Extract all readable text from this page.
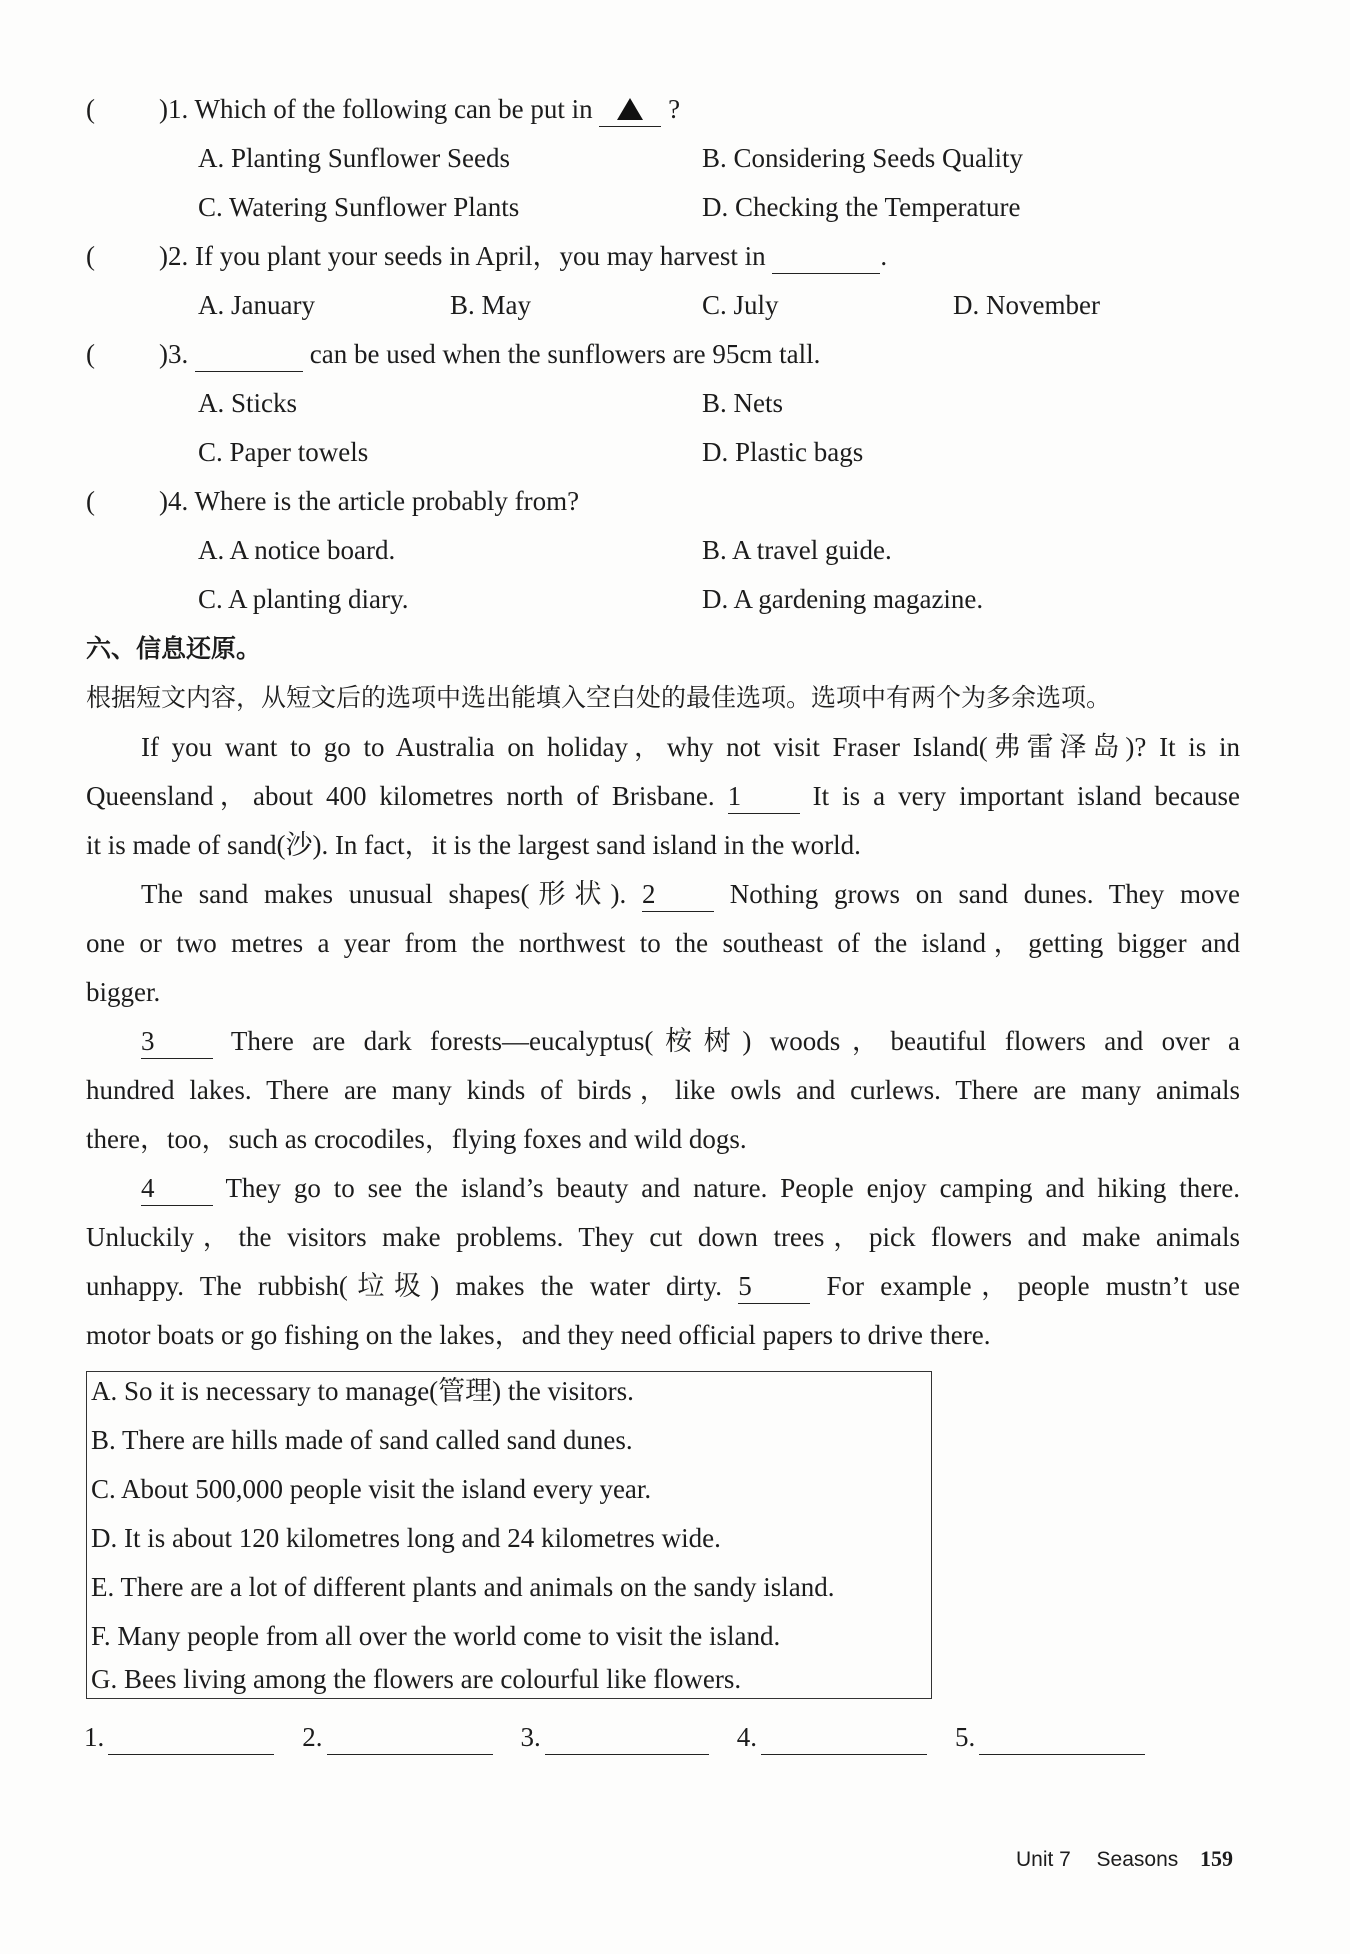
( )1. Which of the following can be put in	?
A. Planting Sunflower Seeds	B. Considering Seeds Quality
C. Watering Sunflower Plants	D. Checking the Temperature
( )2. If you plant your seeds in April，you may harvest in	.
A. January	B. May	C. July	D. November
( )3.	can be used when the sunflowers are 95cm tall.
A. Sticks	B. Nets
C. Paper towels	D. Plastic bags
( )4. Where is the article probably from?
A. A notice board.	B. A travel guide.
C. A planting diary.	D. A gardening magazine.
六、信息还原。
根据短文内容，从短文后的选项中选出能填入空白处的最佳选项。选项中有两个为多余选项。
If you want to go to Australia on holiday，why not visit Fraser Island(弗雷泽岛)? It is in
Queensland，about 400 kilometres north of Brisbane. 1	It is a very important island because
it is made of sand(沙). In fact，it is the largest sand island in the world.
The sand makes unusual shapes(形状). 2	Nothing grows on sand dunes. They move
one or two metres a year from the northwest to the southeast of the island，getting bigger and
bigger.
3	There are dark forests—eucalyptus(桉树) woods，beautiful flowers and over a
hundred lakes. There are many kinds of birds，like owls and curlews. There are many animals
there，too，such as crocodiles，flying foxes and wild dogs.
4	They go to see the island’s beauty and nature. People enjoy camping and hiking there.
Unluckily，the visitors make problems. They cut down trees，pick flowers and make animals
unhappy. The rubbish(垃圾) makes the water dirty. 5	For example，people mustn’t use
motor boats or go fishing on the lakes，and they need official papers to drive there.
A. So it is necessary to manage(管理) the visitors.
B. There are hills made of sand called sand dunes.
C. About 500,000 people visit the island every year.
D. It is about 120 kilometres long and 24 kilometres wide.
E. There are a lot of different plants and animals on the sandy island.
F. Many people from all over the world come to visit the island.
G. Bees living among the flowers are colourful like flowers.
1.	2.	3.	4.	5.
Unit 7 Seasons 159
